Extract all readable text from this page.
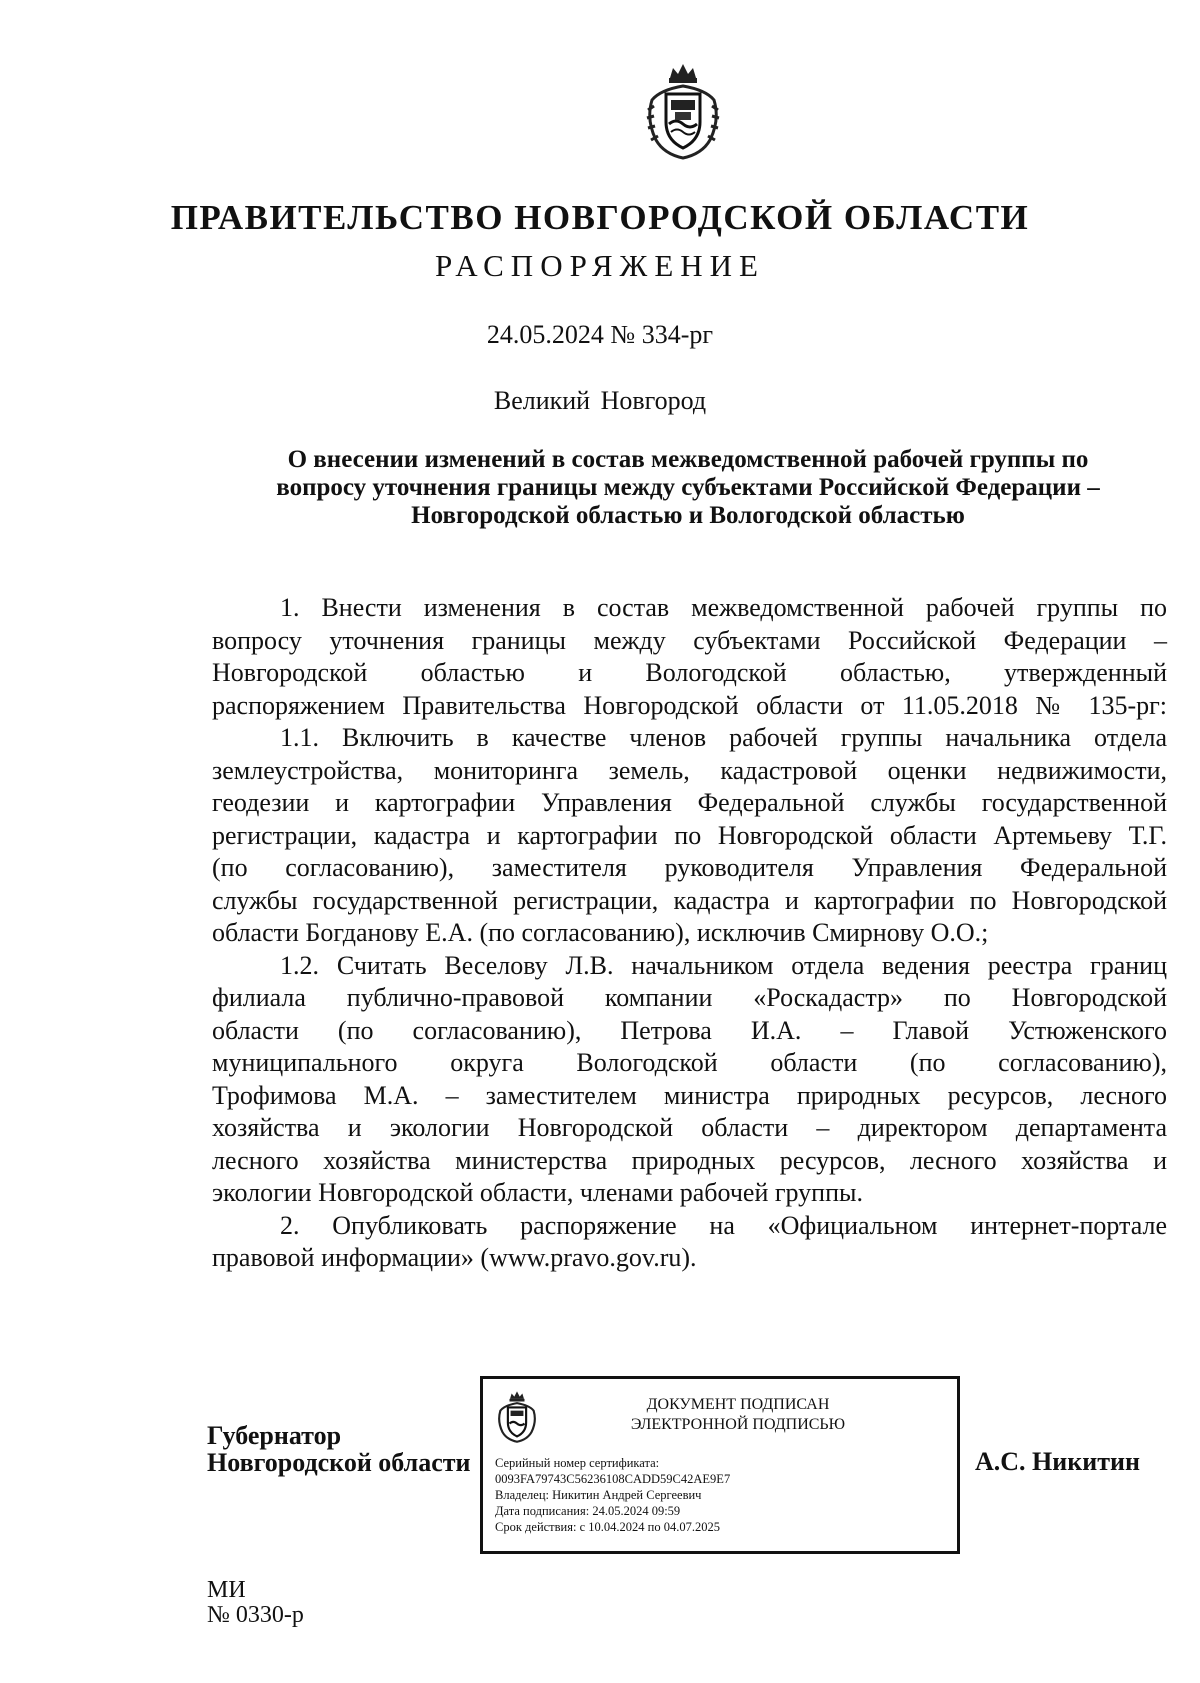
ПРАВИТЕЛЬСТВО НОВГОРОДСКОЙ ОБЛАСТИ
РАСПОРЯЖЕНИЕ
24.05.2024 № 334-рг
Великий Новгород
О внесении изменений в состав межведомственной рабочей группы по
вопросу уточнения границы между субъектами Российской Федерации –
Новгородской областью и Вологодской областью
1. Внести изменения в состав межведомственной рабочей группы по
вопросу уточнения границы между субъектами Российской Федерации –
Новгородской областью и Вологодской областью, утвержденный
распоряжением Правительства Новгородской области от 11.05.2018 № 135-рг:
1.1. Включить в качестве членов рабочей группы начальника отдела
землеустройства, мониторинга земель, кадастровой оценки недвижимости,
геодезии и картографии Управления Федеральной службы государственной
регистрации, кадастра и картографии по Новгородской области Артемьеву Т.Г.
(по согласованию), заместителя руководителя Управления Федеральной
службы государственной регистрации, кадастра и картографии по Новгородской
области Богданову Е.А. (по согласованию), исключив Смирнову О.О.;
1.2. Считать Веселову Л.В. начальником отдела ведения реестра границ
филиала публично-правовой компании «Роскадастр» по Новгородской
области (по согласованию), Петрова И.А. – Главой Устюженского
муниципального округа Вологодской области (по согласованию),
Трофимова М.А. – заместителем министра природных ресурсов, лесного
хозяйства и экологии Новгородской области – директором департамента
лесного хозяйства министерства природных ресурсов, лесного хозяйства и
экологии Новгородской области, членами рабочей группы.
2. Опубликовать распоряжение на «Официальном интернет-портале
правовой информации» (www.pravo.gov.ru).
Губернатор
Новгородской области
ДОКУМЕНТ ПОДПИСАН
ЭЛЕКТРОННОЙ ПОДПИСЬЮ
Серийный номер сертификата:
0093FA79743C56236108CADD59C42AE9E7
Владелец: Никитин Андрей Сергеевич
Дата подписания: 24.05.2024 09:59
Срок действия: с 10.04.2024 по 04.07.2025
А.С. Никитин
МИ
№ 0330-р
